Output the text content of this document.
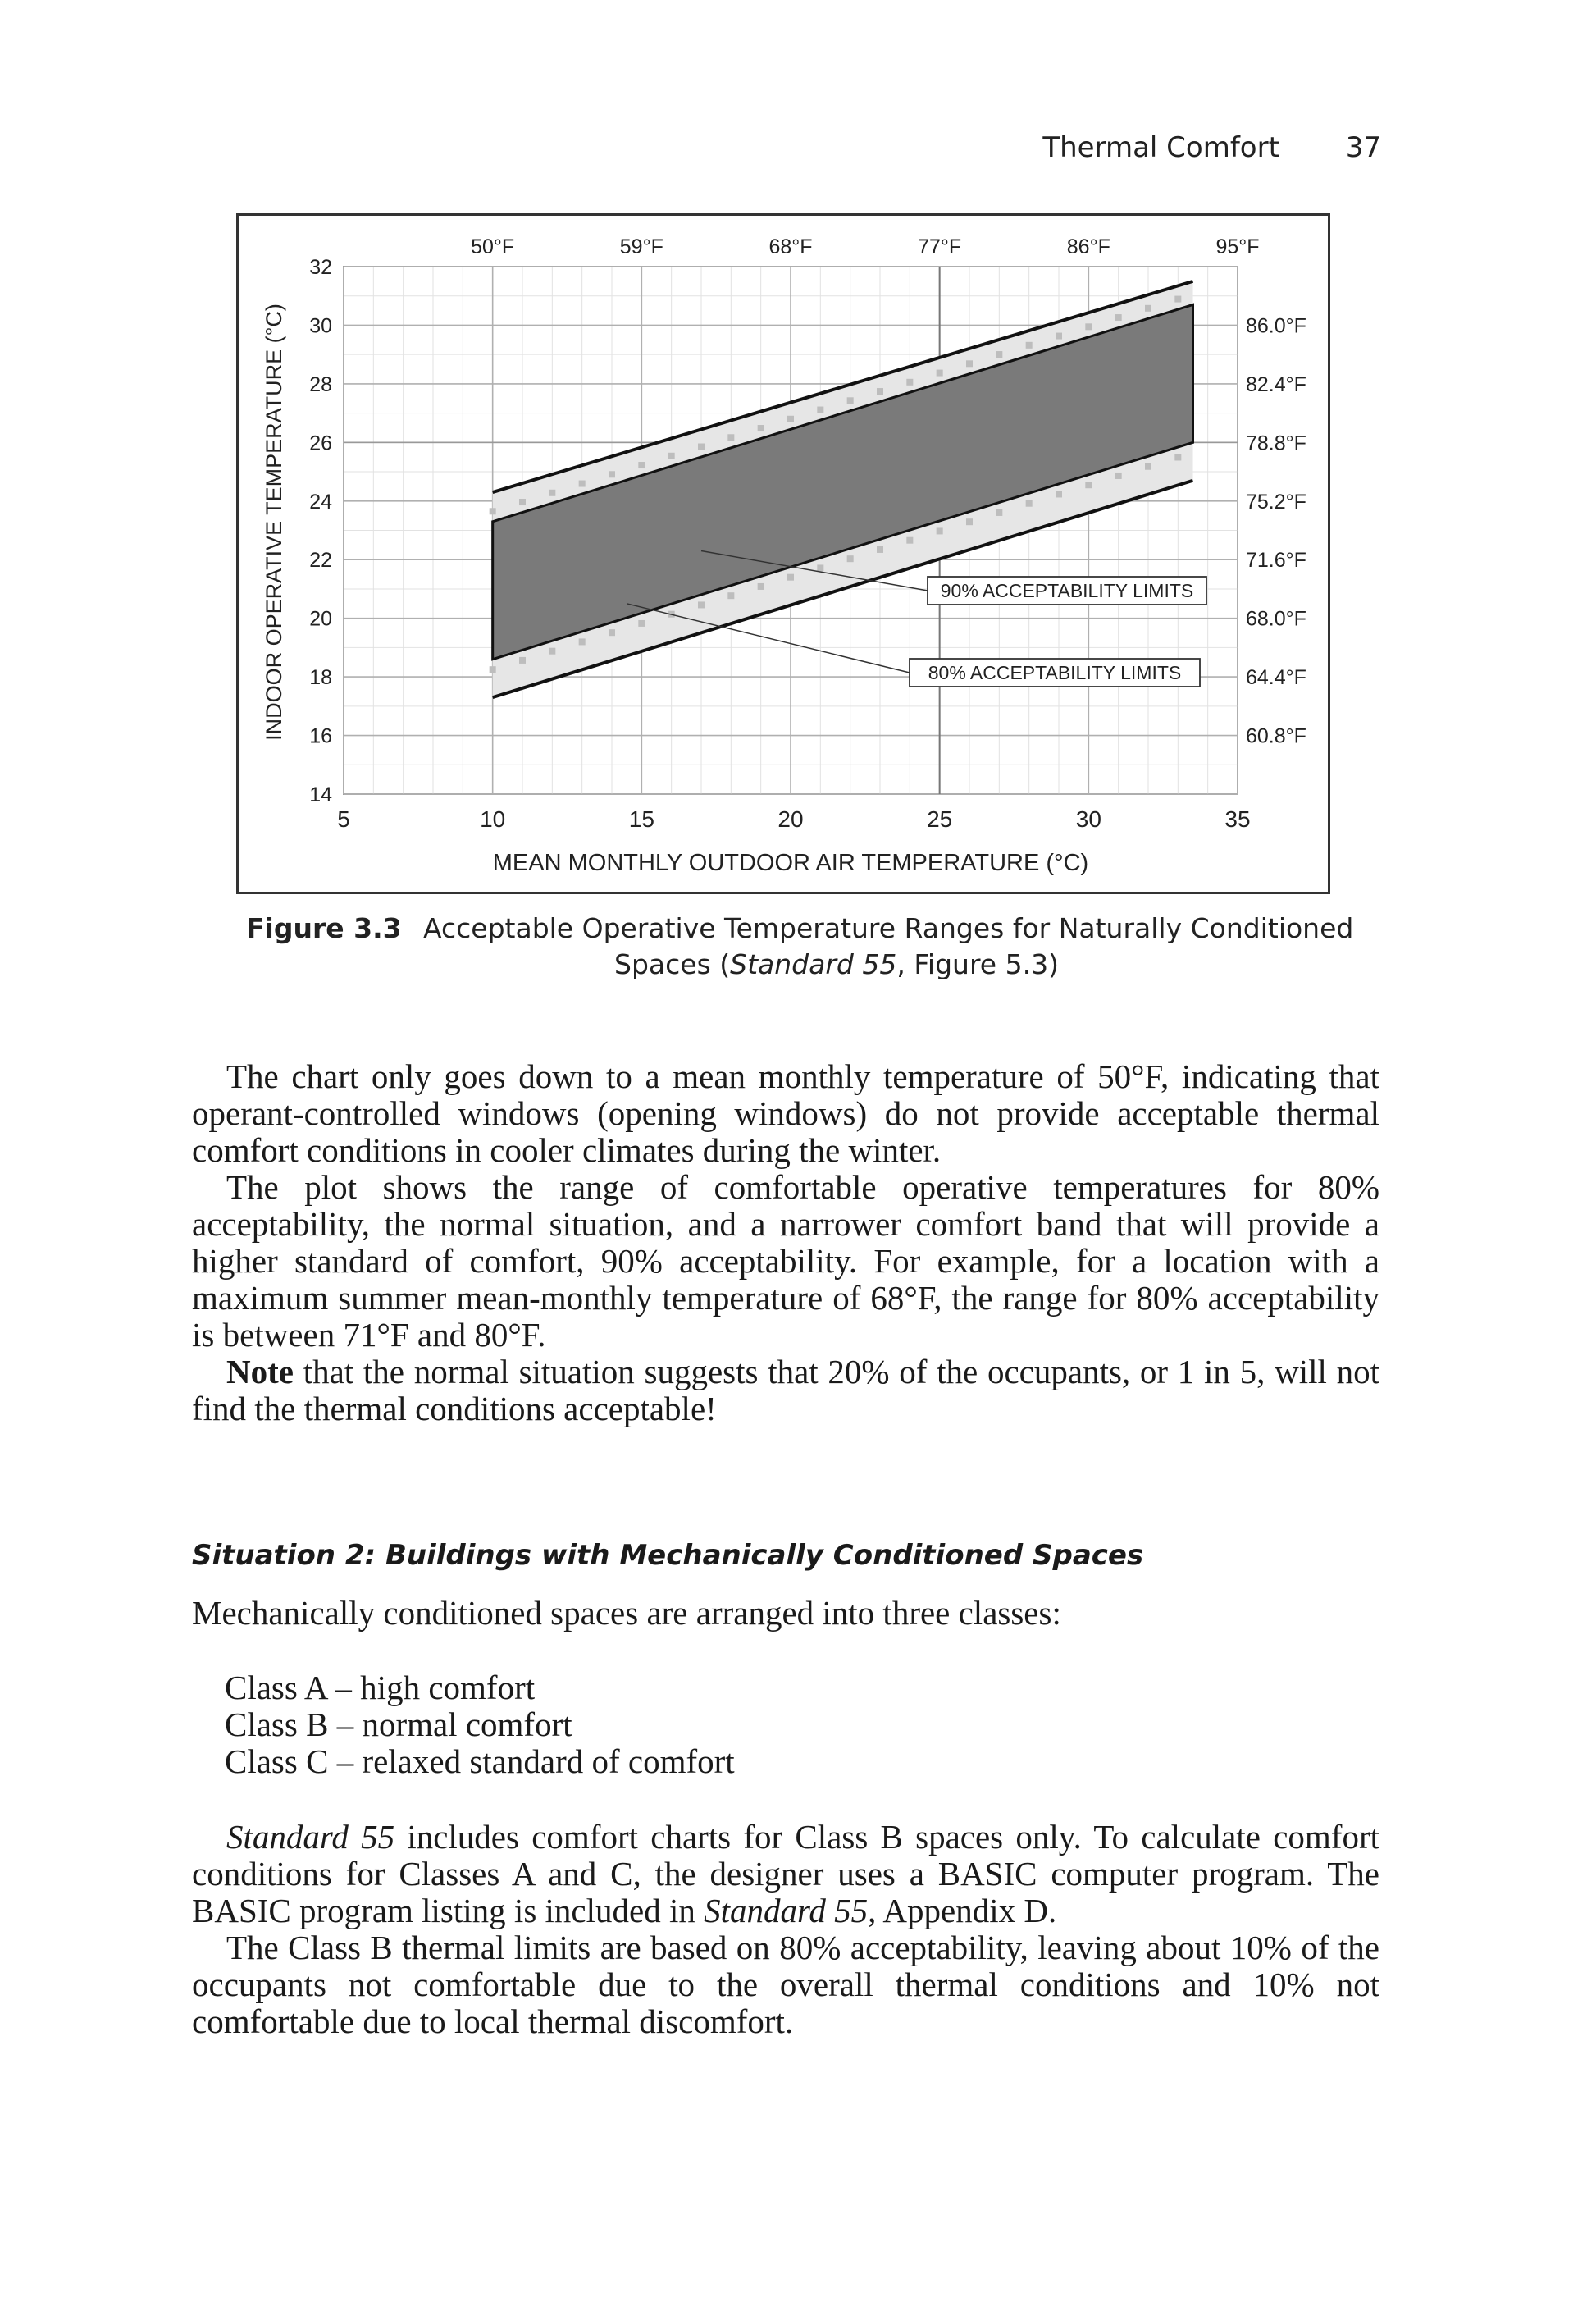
Thermal Comfort 37
90% ACCEPTABILITY LIMITS
80% ACCEPTABILITY LIMITS
14
16
18
20
22
24
26
28
30
32
5	10	15	20	25	30	35
50°F	59°F	68°F	77°F	86°F	95°F
86.0°F
82.4°F
78.8°F
75.2°F
71.6°F
68.0°F
64.4°F
60.8°F
MEAN MONTHLY OUTDOOR AIR TEMPERATURE (°C)
INDOOR OPERATIVE TEMPERATURE (°C)
Figure 3.3 Acceptable Operative Temperature Ranges for Naturally Conditioned
Spaces (Standard 55, Figure 5.3)

The chart only goes down to a mean monthly temperature of 50°F, indicating that operant-controlled windows (opening windows) do not provide acceptable thermal comfort conditions in cooler climates during the winter.

The plot shows the range of comfortable operative temperatures for 80% acceptability, the normal situation, and a narrower comfort band that will provide a higher standard of comfort, 90% acceptability. For example, for a location with a maximum summer mean-monthly temperature of 68°F, the range for 80% acceptability is between 71°F and 80°F.

Note that the normal situation suggests that 20% of the occupants, or 1 in 5, will not find the thermal conditions acceptable!

Situation 2: Buildings with Mechanically Conditioned Spaces

Mechanically conditioned spaces are arranged into three classes:

Class A – high comfort
Class B – normal comfort
Class C – relaxed standard of comfort

Standard 55 includes comfort charts for Class B spaces only. To calculate comfort conditions for Classes A and C, the designer uses a BASIC computer program. The BASIC program listing is included in Standard 55, Appendix D.

The Class B thermal limits are based on 80% acceptability, leaving about 10% of the occupants not comfortable due to the overall thermal conditions and 10% not comfortable due to local thermal discomfort.
